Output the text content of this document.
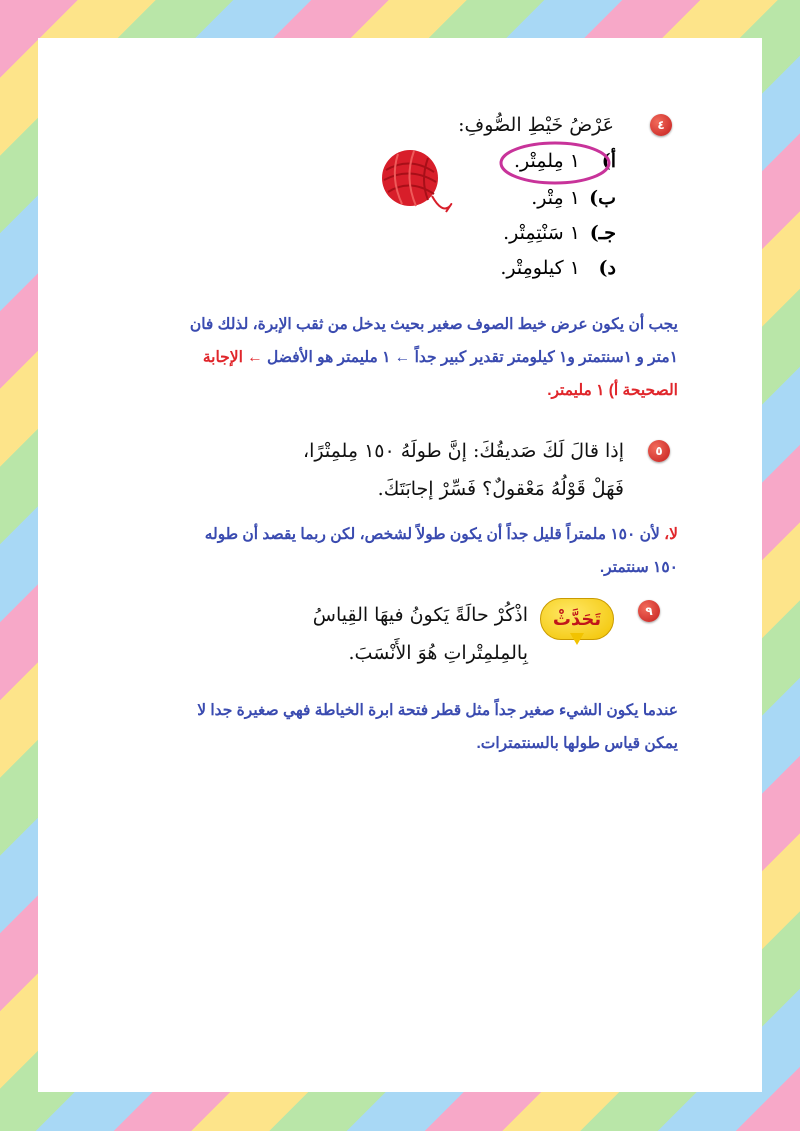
٤
عَرْضُ خَيْطِ الصُّوفِ:
أ) ١ مِلمِتْر.
ب) ١ مِتْر.
جـ) ١ سَنْتِمِتْر.
د) ١ كيلومِتْر.
يجب أن يكون عرض خيط الصوف صغير بحيث يدخل من ثقب الإبرة، لذلك فان
١متر و ١سنتمتر و١ كيلومتر تقدير كبير جداً ← ١ مليمتر هو الأفضل ← الإجابة
الصحيحة أ) ١ مليمتر.
٥
إذا قالَ لَكَ صَديقُكَ: إنَّ طولَهُ ١٥٠ مِلمِتْرًا،
فَهَلْ قَوْلُهُ مَعْقولٌ؟ فَسِّرْ إجابَتَكَ.
لا، لأن ١٥٠ ملمتراً قليل جداً أن يكون طولاً لشخص، لكن ربما يقصد أن طوله
١٥٠ سنتمتر.
٩
تَحَدَّثْ
اذْكُرْ حالَةً يَكونُ فيهَا القِياسُ
بِالمِلمِتْراتِ هُوَ الأَنْسَبَ.
عندما يكون الشيء صغير جداً مثل قطر فتحة ابرة الخياطة فهي صغيرة جدا لا
يمكن قياس طولها بالسنتمترات.
